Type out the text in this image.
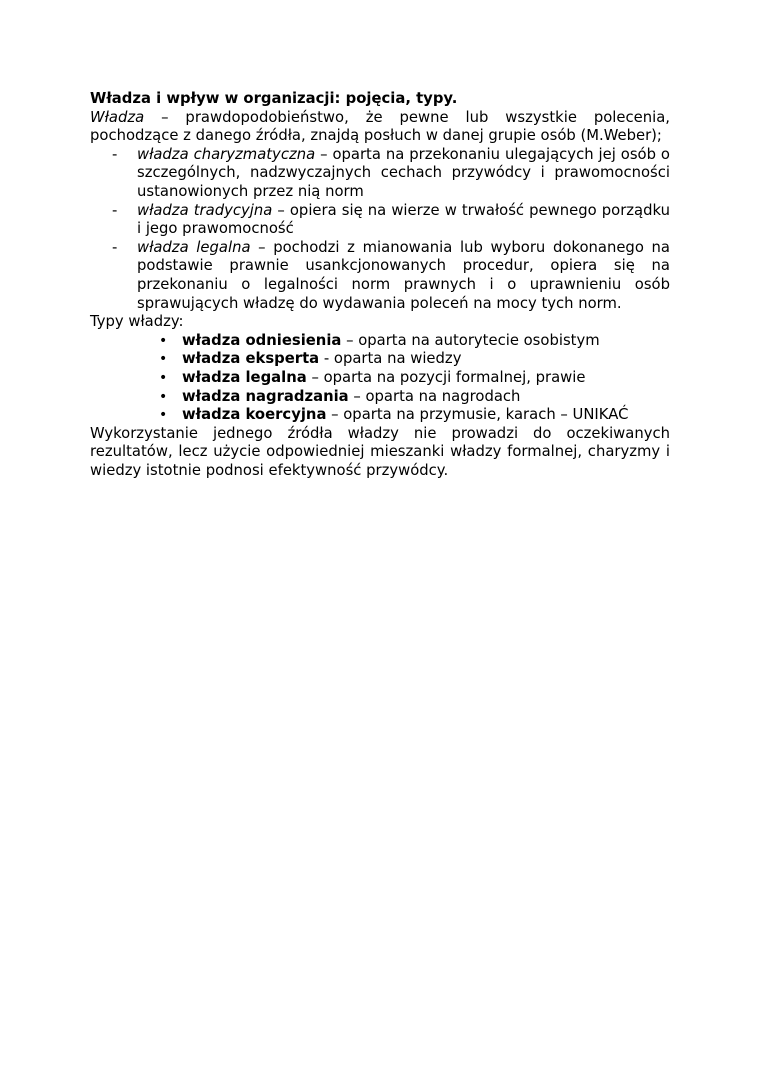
Władza i wpływ w organizacji: pojęcia, typy.

Władza – prawdopodobieństwo, że pewne lub wszystkie polecenia, pochodzące z danego źródła, znajdą posłuch w danej grupie osób (M.Weber);

- władza charyzmatyczna – oparta na przekonaniu ulegających jej osób o szczególnych, nadzwyczajnych cechach przywódcy i prawomocności ustanowionych przez nią norm
- władza tradycyjna – opiera się na wierze w trwałość pewnego porządku i jego prawomocność
- władza legalna – pochodzi z mianowania lub wyboru dokonanego na podstawie prawnie usankcjonowanych procedur, opiera się na przekonaniu o legalności norm prawnych i o uprawnieniu osób sprawujących władzę do wydawania poleceń na mocy tych norm.

Typy władzy:

• władza odniesienia – oparta na autorytecie osobistym
• władza eksperta - oparta na wiedzy
• władza legalna – oparta na pozycji formalnej, prawie
• władza nagradzania – oparta na nagrodach
• władza koercyjna – oparta na przymusie, karach – UNIKAĆ

Wykorzystanie jednego źródła władzy nie prowadzi do oczekiwanych rezultatów, lecz użycie odpowiedniej mieszanki władzy formalnej, charyzmy i wiedzy istotnie podnosi efektywność przywódcy.
